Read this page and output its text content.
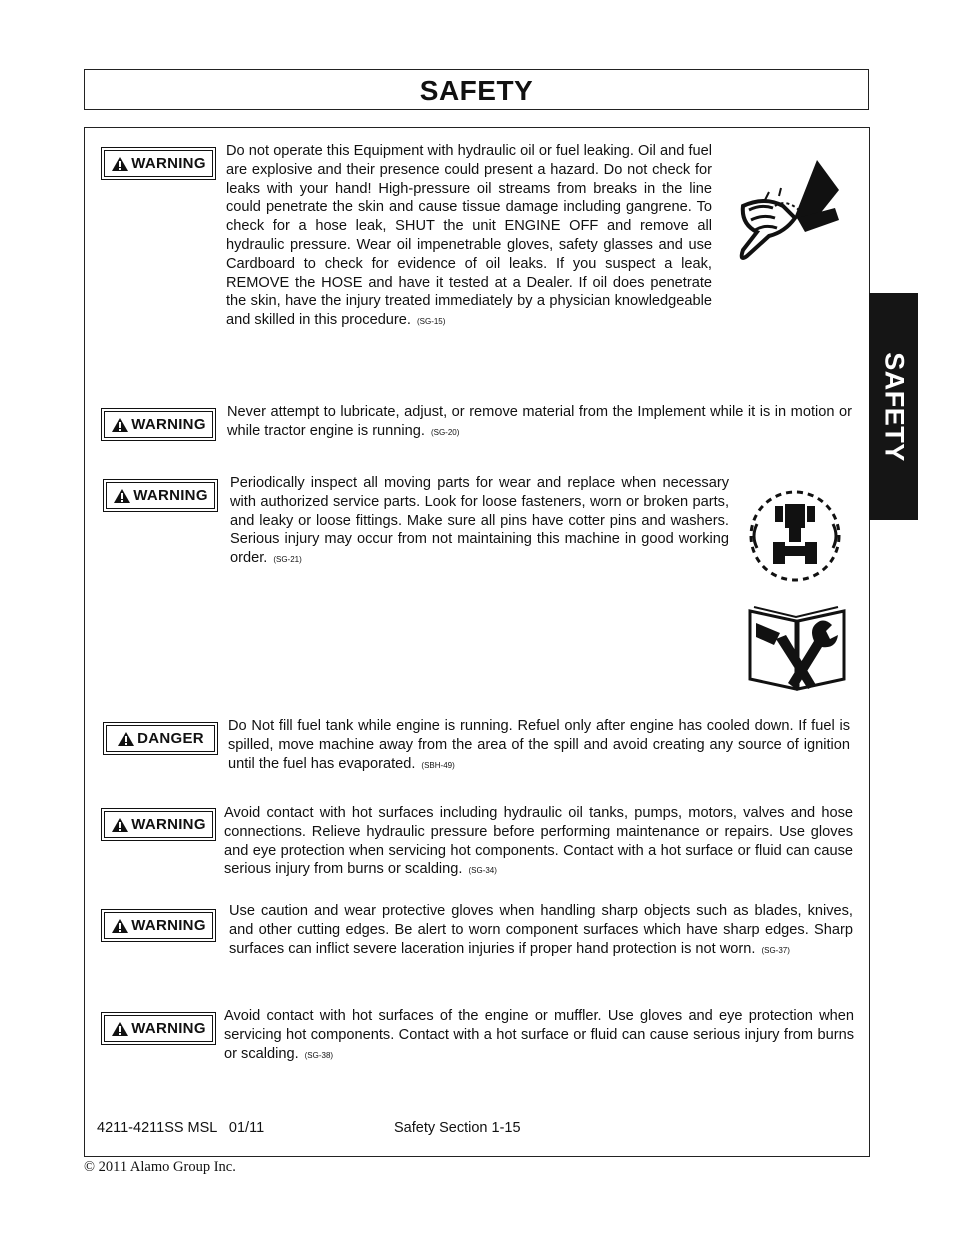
SAFETY
SAFETY
WARNING
Do not operate this Equipment with hydraulic oil or fuel leaking. Oil and fuel are explosive and their presence could present a hazard. Do not check for leaks with your hand! High-pressure oil streams from breaks in the line could penetrate the skin and cause tissue damage including gangrene. To check for a hose leak, SHUT the unit ENGINE OFF and remove all hydraulic pressure. Wear oil impenetrable gloves, safety glasses and use Cardboard to check for evidence of oil leaks. If you suspect a leak, REMOVE the HOSE and have it tested at a Dealer. If oil does penetrate the skin, have the injury treated immediately by a physician knowledgeable and skilled in this procedure. (SG-15)
WARNING
Never attempt to lubricate, adjust, or remove material from the Implement while it is in motion or while tractor engine is running. (SG-20)
WARNING
Periodically inspect all moving parts for wear and replace when necessary with authorized service parts. Look for loose fasteners, worn or broken parts, and leaky or loose fittings. Make sure all pins have cotter pins and washers. Serious injury may occur from not maintaining this machine in good working order. (SG-21)
DANGER
Do Not fill fuel tank while engine is running. Refuel only after engine has cooled down. If fuel is spilled, move machine away from the area of the spill and avoid creating any source of ignition until the fuel has evaporated. (SBH-49)
WARNING
Avoid contact with hot surfaces including hydraulic oil tanks, pumps, motors, valves and hose connections. Relieve hydraulic pressure before performing maintenance or repairs. Use gloves and eye protection when servicing hot components. Contact with a hot surface or fluid can cause serious injury from burns or scalding. (SG-34)
WARNING
Use caution and wear protective gloves when handling sharp objects such as blades, knives, and other cutting edges. Be alert to worn component surfaces which have sharp edges. Sharp surfaces can inflict severe laceration injuries if proper hand protection is not worn. (SG-37)
WARNING
Avoid contact with hot surfaces of the engine or muffler. Use gloves and eye protection when servicing hot components. Contact with a hot surface or fluid can cause serious injury from burns or scalding. (SG-38)
4211-4211SS MSL   01/11	Safety Section 1-15
© 2011 Alamo Group Inc.
